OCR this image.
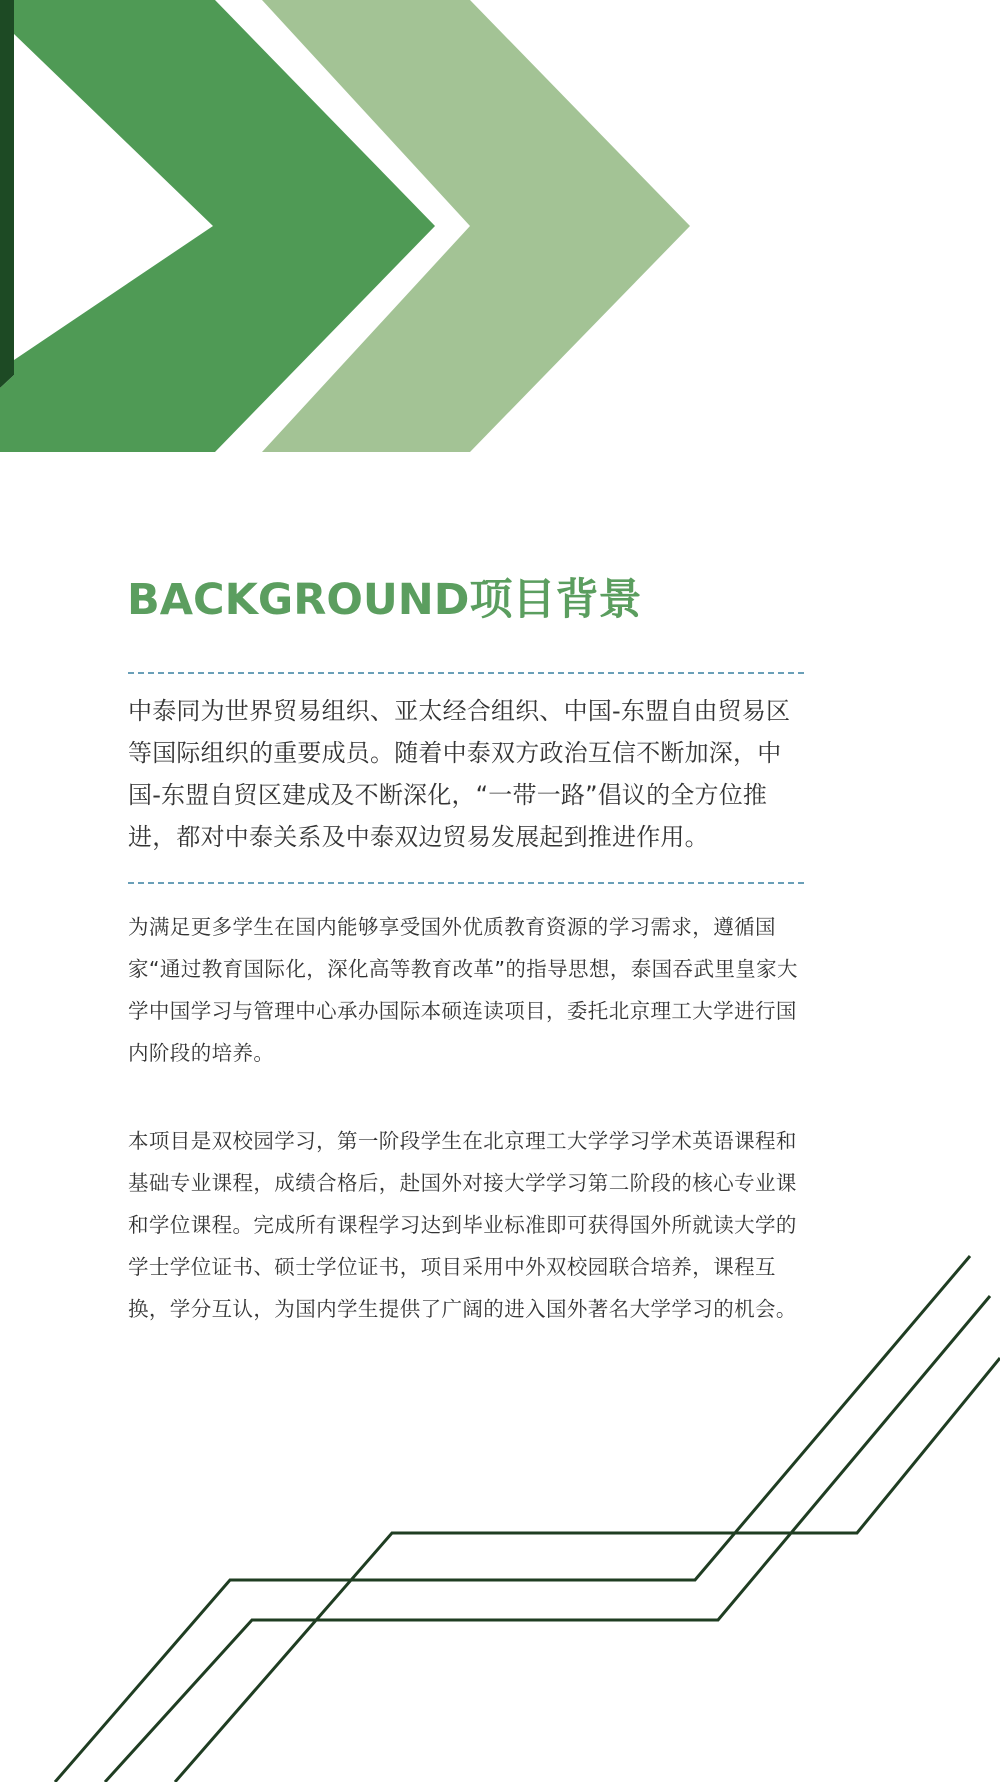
BACKGROUND项目背景

中泰同为世界贸易组织、亚太经合组织、中国-东盟自由贸易区等国际组织的重要成员。随着中泰双方政治互信不断加深，中国-东盟自贸区建成及不断深化，“一带一路”倡议的全方位推进，都对中泰关系及中泰双边贸易发展起到推进作用。

为满足更多学生在国内能够享受国外优质教育资源的学习需求，遵循国家“通过教育国际化，深化高等教育改革”的指导思想，泰国吞武里皇家大学中国学习与管理中心承办国际本硕连读项目，委托北京理工大学进行国内阶段的培养。

本项目是双校园学习，第一阶段学生在北京理工大学学习学术英语课程和基础专业课程，成绩合格后，赴国外对接大学学习第二阶段的核心专业课和学位课程。完成所有课程学习达到毕业标准即可获得国外所就读大学的学士学位证书、硕士学位证书，项目采用中外双校园联合培养，课程互换，学分互认，为国内学生提供了广阔的进入国外著名大学学习的机会。
